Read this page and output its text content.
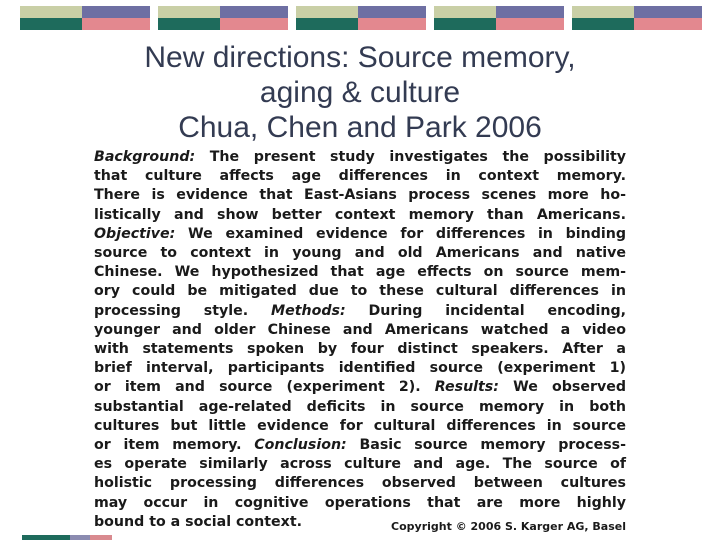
New directions: Source memory,
aging & culture
Chua, Chen and Park 2006
Background: The present study investigates the possibility
that culture affects age differences in context memory.
There is evidence that East-Asians process scenes more ho-
listically and show better context memory than Americans.
Objective: We examined evidence for differences in binding
source to context in young and old Americans and native
Chinese. We hypothesized that age effects on source mem-
ory could be mitigated due to these cultural differences in
processing style. Methods: During incidental encoding,
younger and older Chinese and Americans watched a video
with statements spoken by four distinct speakers. After a
brief interval, participants identified source (experiment 1)
or item and source (experiment 2). Results: We observed
substantial age-related deficits in source memory in both
cultures but little evidence for cultural differences in source
or item memory. Conclusion: Basic source memory process-
es operate similarly across culture and age. The source of
holistic processing differences observed between cultures
may occur in cognitive operations that are more highly
bound to a social context.	Copyright © 2006 S. Karger AG, Basel
